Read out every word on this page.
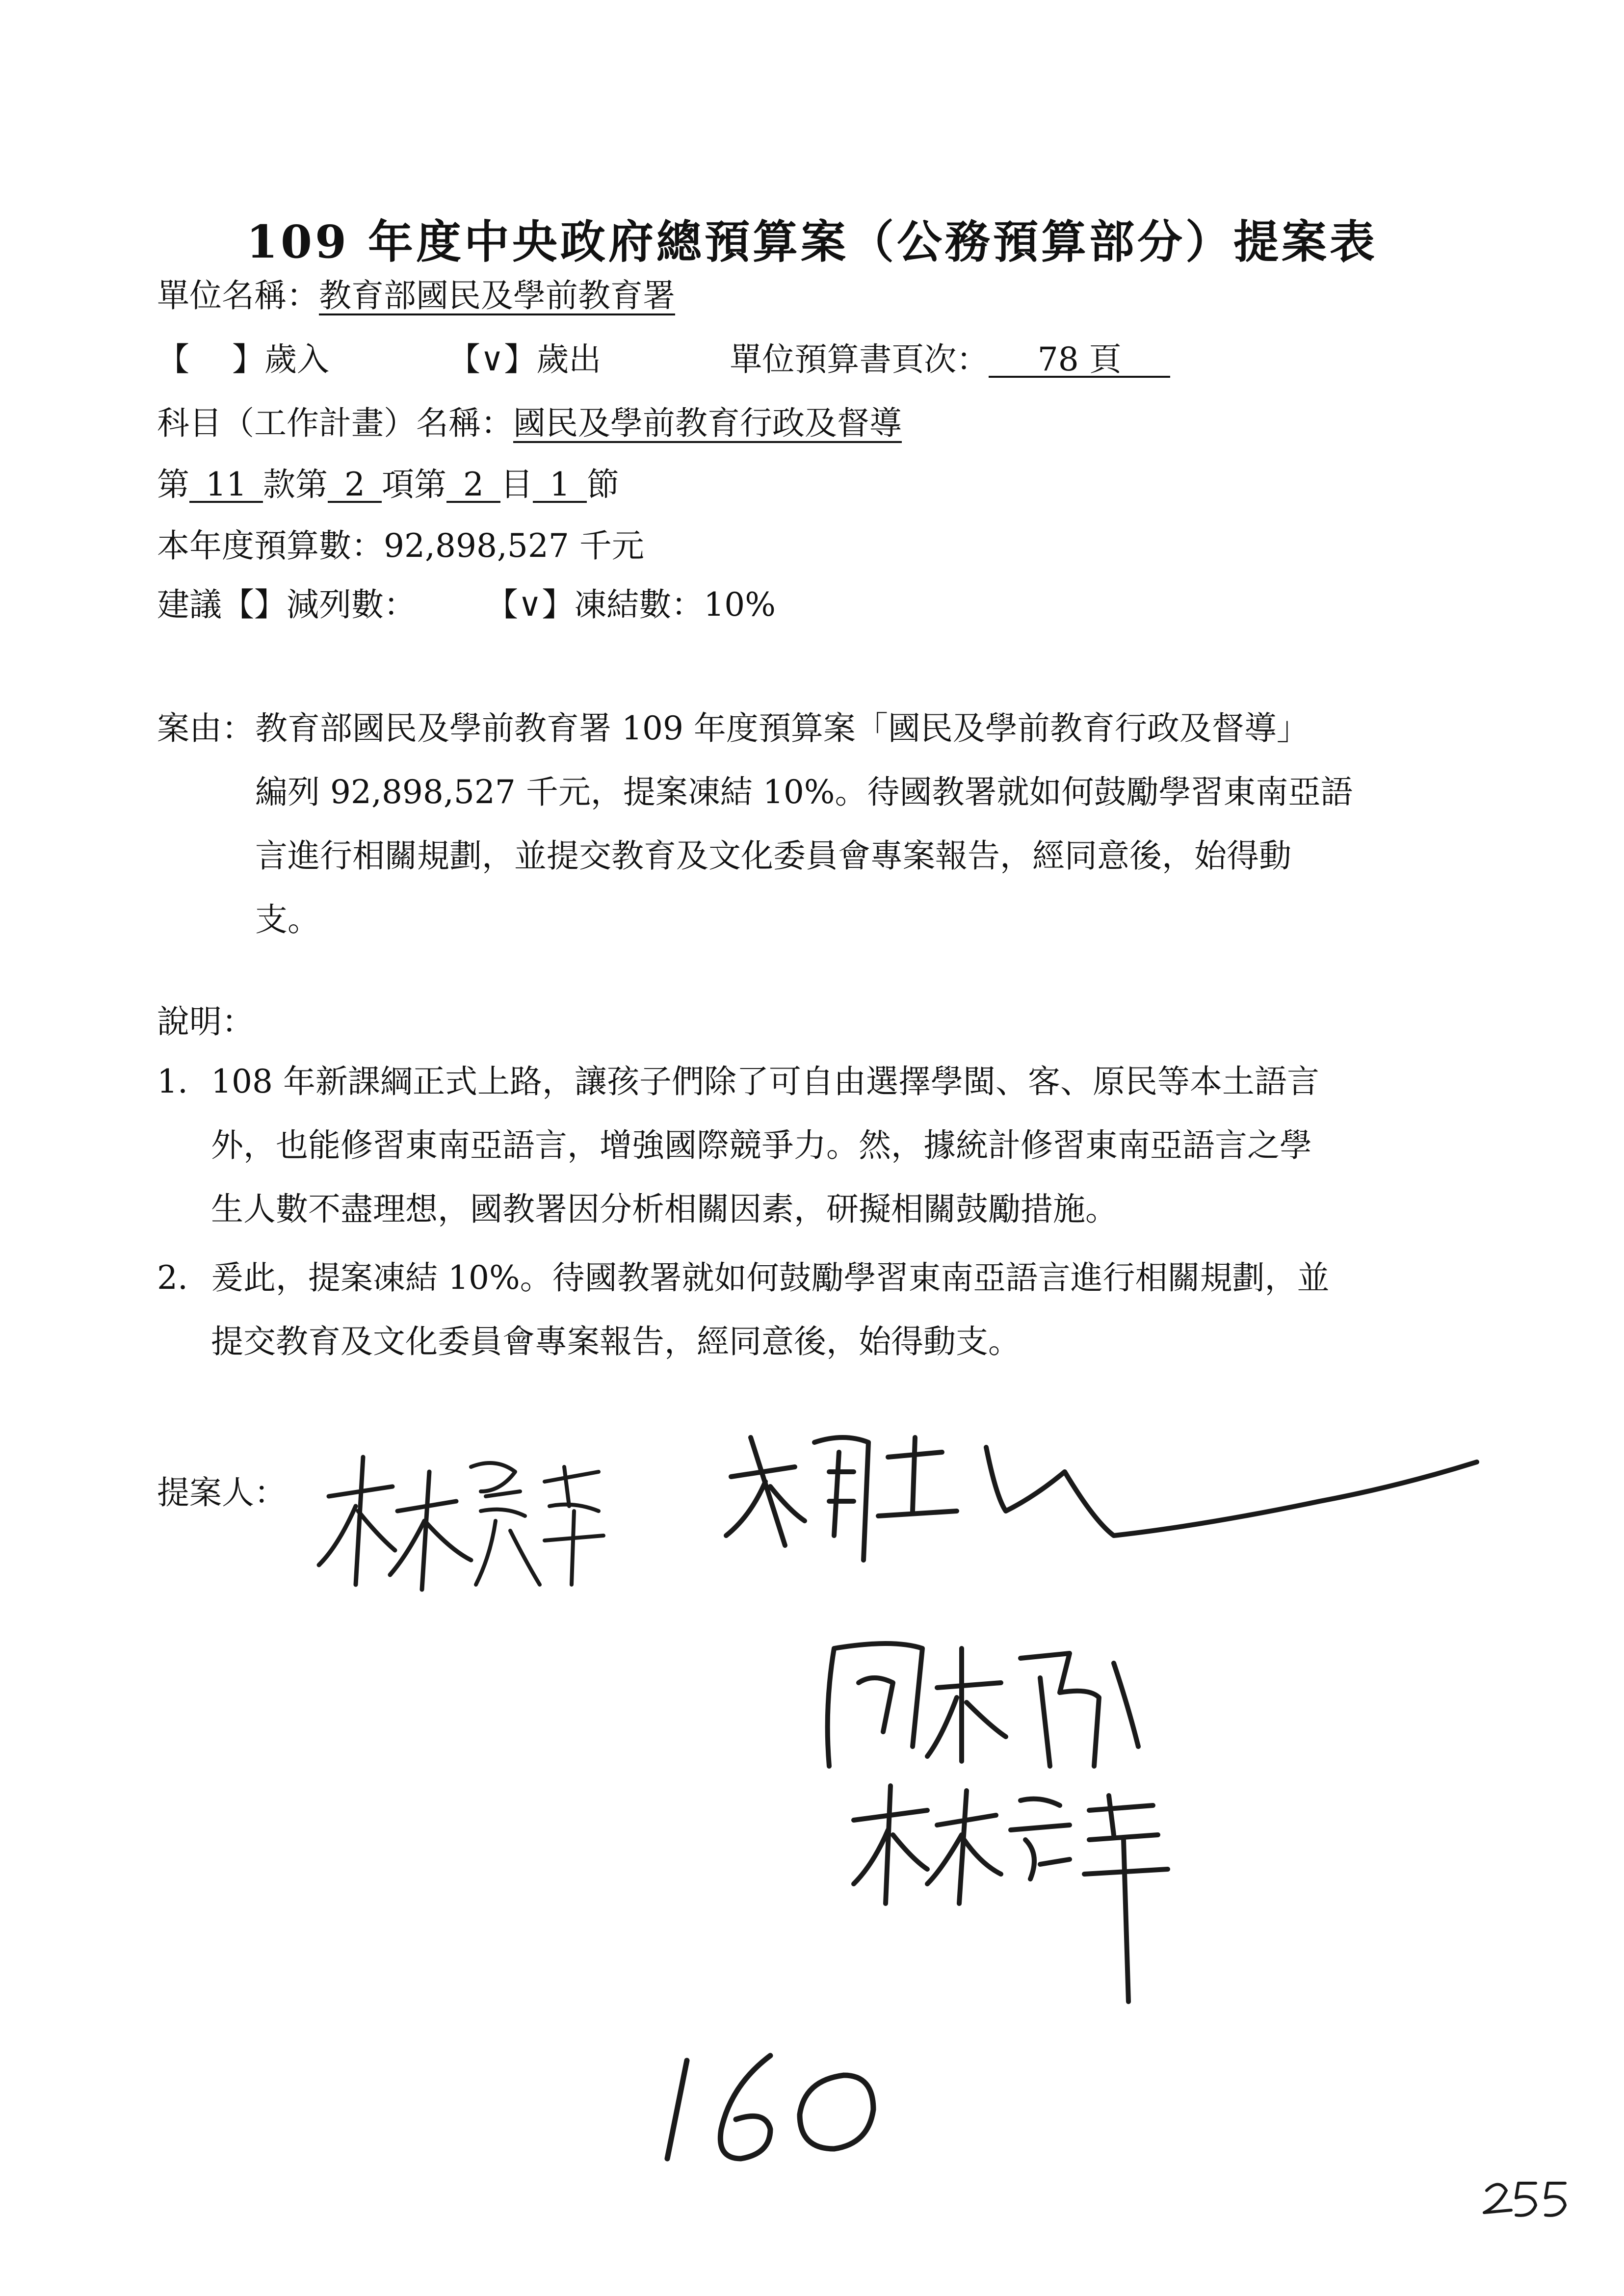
109 年度中央政府總預算案（公務預算部分）提案表
單位名稱：教育部國民及學前教育署
【　 】歲入	【∨】歲出	單位預算書頁次： 78 頁
科目（工作計畫）名稱：國民及學前教育行政及督導
第 11 款第 2 項第 2 目 1 節
本年度預算數：92,898,527 千元
建議【】減列數： 【∨】凍結數：10%
案由： 教育部國民及學前教育署 109 年度預算案「國民及學前教育行政及督導」
編列 92,898,527 千元，提案凍結 10%。待國教署就如何鼓勵學習東南亞語
言進行相關規劃，並提交教育及文化委員會專案報告，經同意後，始得動
支。
說明：
1. 108 年新課綱正式上路，讓孩子們除了可自由選擇學閩、客、原民等本土語言
外，也能修習東南亞語言，增強國際競爭力。然，據統計修習東南亞語言之學
生人數不盡理想，國教署因分析相關因素，研擬相關鼓勵措施。
2. 爰此，提案凍結 10%。待國教署就如何鼓勵學習東南亞語言進行相關規劃，並
提交教育及文化委員會專案報告，經同意後，始得動支。
提案人：
